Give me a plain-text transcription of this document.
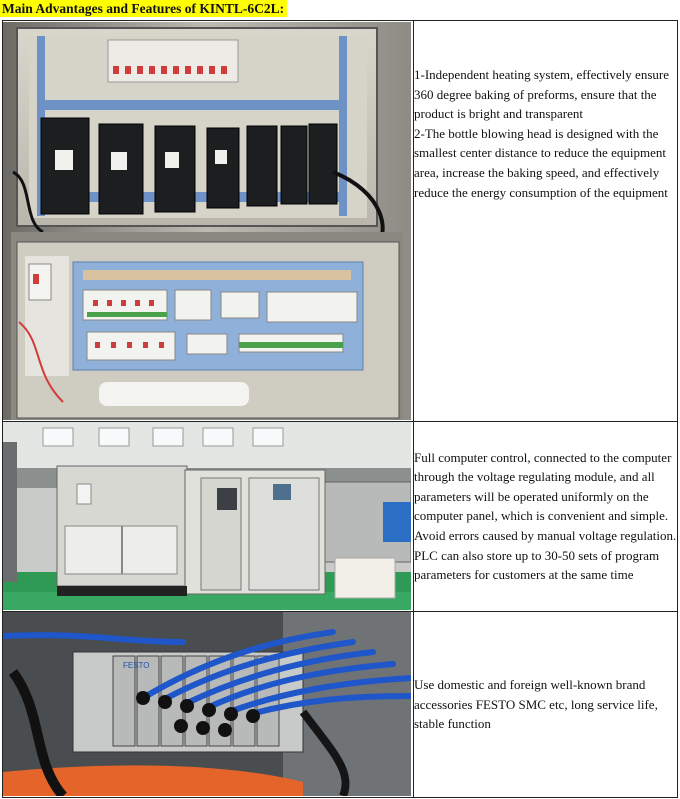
Main Advantages and Features of KINTL-6C2L:

1-Independent heating system, effectively ensure 360 degree baking of preforms, ensure that the product is bright and transparent

2-The bottle blowing head is designed with the smallest center distance to reduce the equipment area, increase the baking speed, and effectively reduce the energy consumption of the equipment

Full computer control, connected to the computer through the voltage regulating module, and all parameters will be operated uniformly on the computer panel, which is convenient and simple. Avoid errors caused by manual voltage regulation. PLC can also store up to 30-50 sets of program parameters for customers at the same time

FESTO	Use domestic and foreign well-known brand accessories FESTO SMC etc, long service life, stable function
